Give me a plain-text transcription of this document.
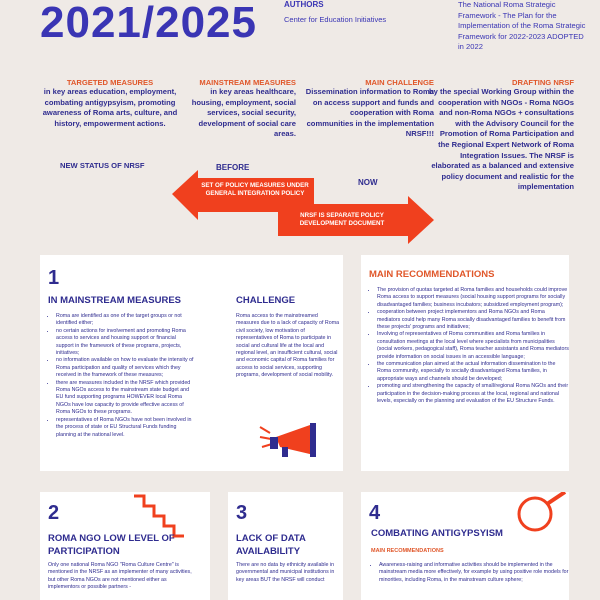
2021/2025	AUTHORS
Center for Education Initiatives
The National Roma Strategic Framework - The Plan for the Implementation of the Roma Strategic Framework for 2022-2023 ADOPTED in 2022
TARGETED MEASURES
in key areas education, employment, combating antigypsyism, promoting awareness of Roma arts, culture, and history, empowerment actions.
MAINSTREAM MEASURES
in key areas healthcare, housing, employment, social services, social security, development of social care areas.
MAIN CHALLENGE
Dissemination information to Roma on access support and funds and cooperation with Roma communities in the implementation NRSF!!!
DRAFTING NRSF
by the special Working Group within the cooperation with NGOs - Roma NGOs and non-Roma NGOs + consultations with the Advisory Council for the Promotion of Roma Participation and the Regional Expert Network of Roma Integration Issues. The NRSF is elaborated as a balanced and extensive policy document and realistic for the implementation
NEW STATUS OF NRSF	BEFORE
NOW
SET OF POLICY MEASURES UNDER GENERAL INTEGRATION POLICY
NRSF IS SEPARATE POLICY DEVELOPMENT DOCUMENT
1
IN MAINSTREAM MEASURES
• Roma are identified as one of the target groups or not identified either;
• no certain actions for involvement and promoting Roma access to services and housing support or financial support in the framework of these programs, projects, initiatives;
• no information available on how to evaluate the intensity of Roma participation and quality of services which they received in the framework of these measures;
• there are measures included in the NRSF which provided Roma NGOs access to the mainstream state budget and EU fund supporting programs HOWEVER local Roma NGOs have low capacity to provide effective access of Roma NGOs to these programs.
• representatives of Roma NGOs have not been involved in the process of state or EU Structural Funds funding planning at the national level.
CHALLENGE
Roma access to the mainstreamed measures due to a lack of capacity of Roma civil society, low motivation of representatives of Roma to participate in social and cultural life at the local and regional level, an insufficient cultural, social and economic capital of Roma families for access to social services, supporting programs, development of social mobility.
MAIN RECOMMENDATIONS
• The provision of quotas targeted at Roma families and households could improve Roma access to support measures (social housing support programs for socially disadvantaged families; business incubators; subsidized employment program);
• cooperation between project implementors and Roma NGOs and Roma mediators could help many Roma socially disadvantaged families to benefit from these projects' programs and initiatives;
• Involving of representatives of Roma communities and Roma families in consultation meetings at the local level where specialists from municipalities (social workers, pedagogical staff), Roma teacher assistants and Roma mediators provide information on social issues in an accessible language;
• the communication plan aimed at the actual information dissemination to the Roma community, especially to socially disadvantaged Roma families, in appropriate ways and channels should be developed;
• promoting and strengthening the capacity of small/regional Roma NGOs and their participation in the decision-making process at the local, regional and national levels, especially on the planning and evaluation of the EU Structure Funds.
2
ROMA NGO LOW LEVEL OF PARTICIPATION
Only one national Roma NGO "Roma Culture Centre" is mentioned in the NRSF as an implementer of many activities, but other Roma NGOs are not mentioned either as implementors or possible partners -
3
LACK OF DATA AVAILABILITY
There are no data by ethnicity available in governmental and municipal institutions in key areas BUT the NRSF will conduct
4
COMBATING ANTIGYPSYISM
MAIN RECOMMENDATIONS
• Awareness-raising and informative activities should be implemented in the mainstream media more effectively, for example by using positive role models for minorities, including Roma, in the mainstream culture sphere;
